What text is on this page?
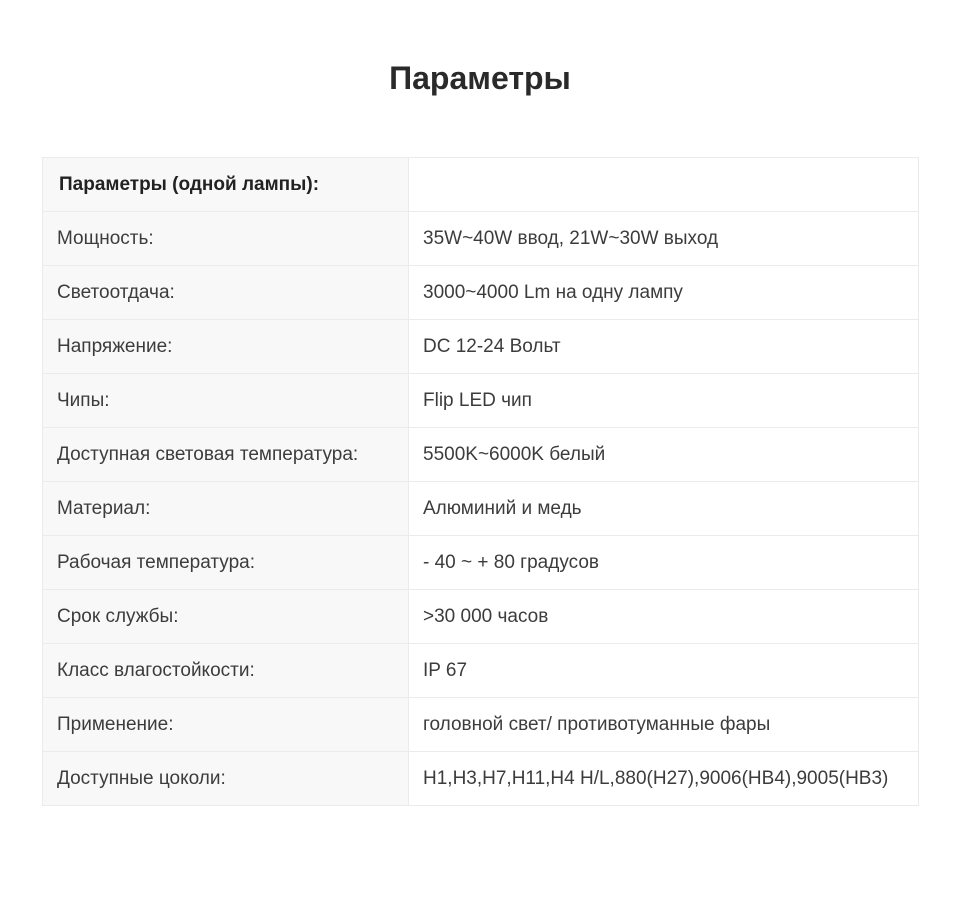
Параметры
Параметры (одной лампы):	
Мощность:	35W~40W ввод, 21W~30W выход
Светоотдача:	3000~4000 Lm на одну лампу
Напряжение:	DC 12-24 Вольт
Чипы:	Flip LED чип
Доступная световая температура:	5500K~6000K белый
Материал:	Алюминий и медь
Рабочая температура:	- 40 ~ + 80 градусов
Срок службы:	>30 000 часов
Класс влагостойкости:	IP 67
Применение:	головной свет/ противотуманные фары
Доступные цоколи:	H1,H3,H7,H11,H4 H/L,880(H27),9006(HB4),9005(HB3)
